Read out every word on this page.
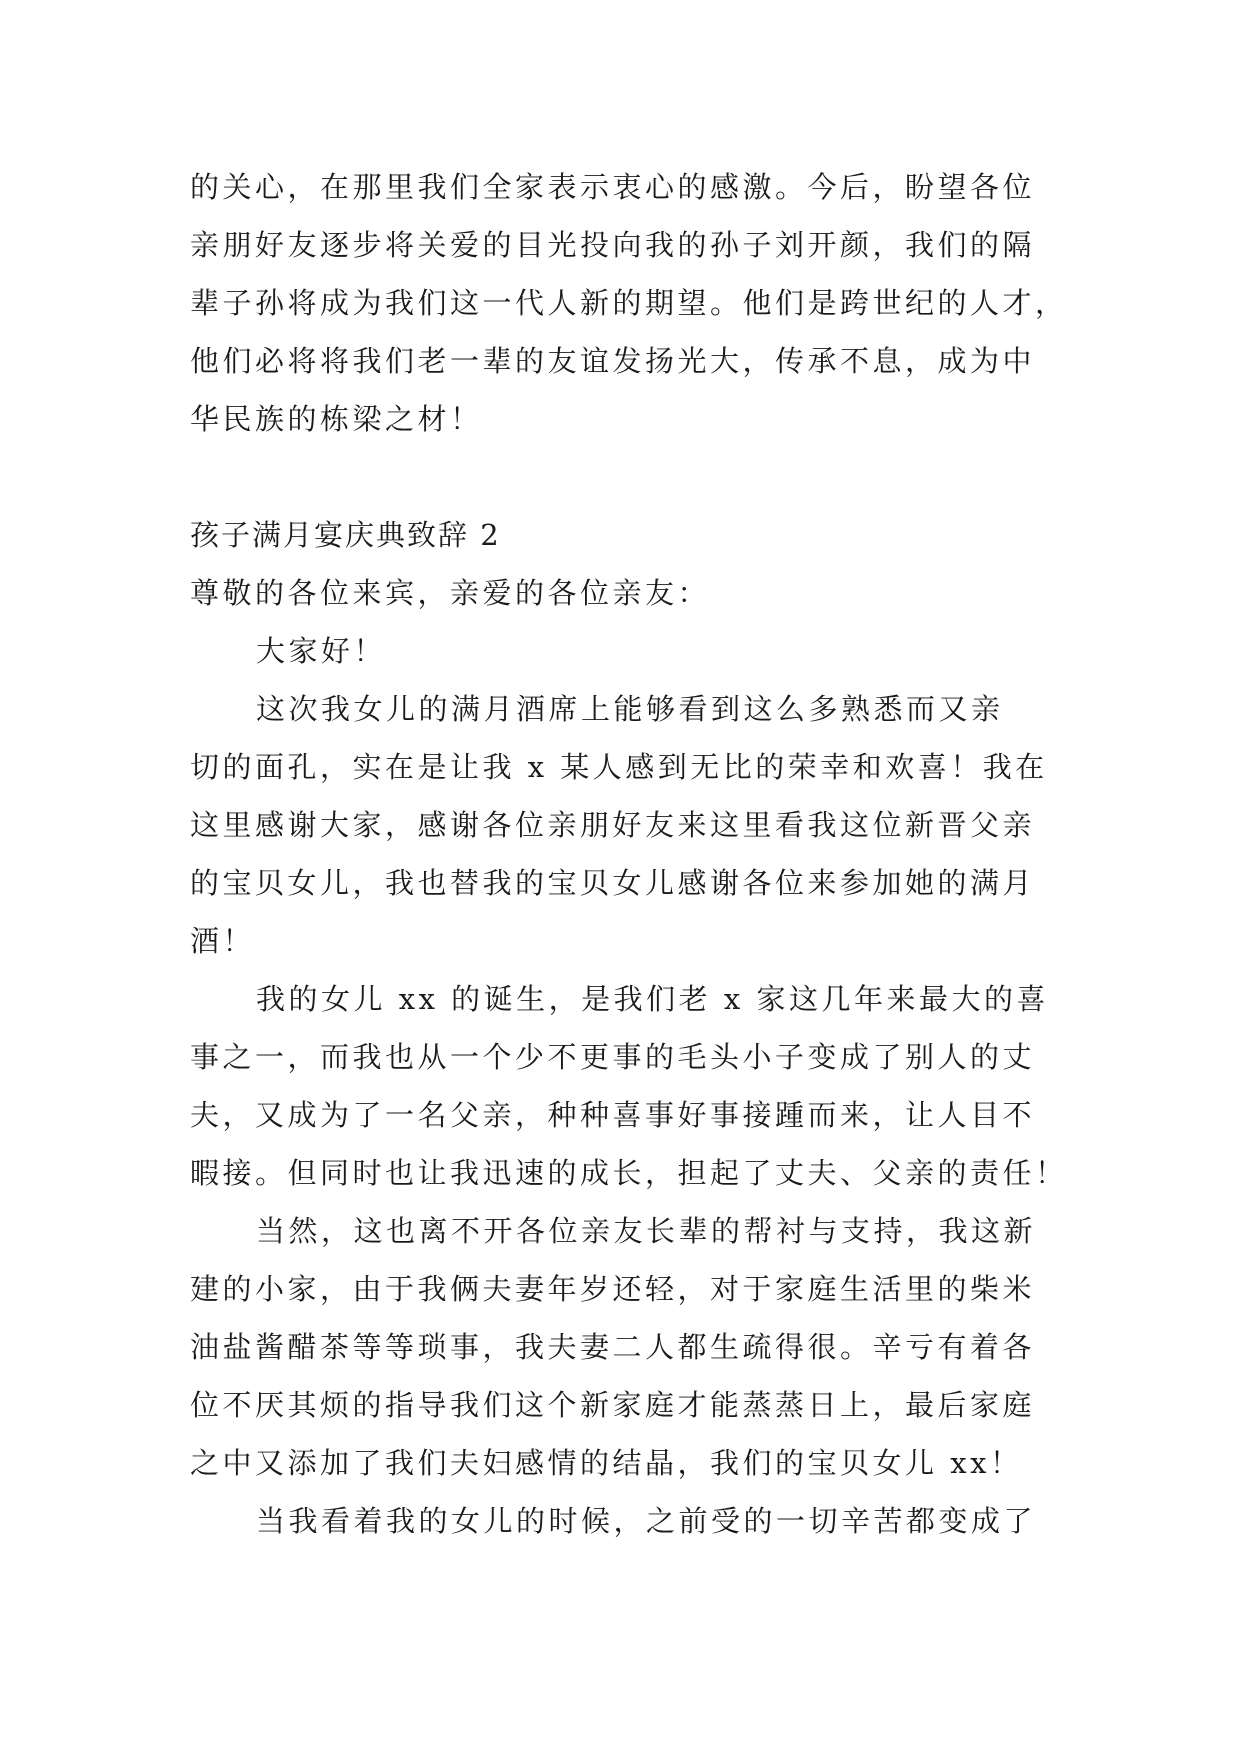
的关心，在那里我们全家表示衷心的感激。今后，盼望各位
亲朋好友逐步将关爱的目光投向我的孙子刘开颜，我们的隔
辈子孙将成为我们这一代人新的期望。他们是跨世纪的人才，
他们必将将我们老一辈的友谊发扬光大，传承不息，成为中
华民族的栋梁之材！
孩子满月宴庆典致辞 2
尊敬的各位来宾，亲爱的各位亲友：
大家好！
这次我女儿的满月酒席上能够看到这么多熟悉而又亲
切的面孔，实在是让我 x 某人感到无比的荣幸和欢喜！我在
这里感谢大家，感谢各位亲朋好友来这里看我这位新晋父亲
的宝贝女儿，我也替我的宝贝女儿感谢各位来参加她的满月
酒！
我的女儿 xx 的诞生，是我们老 x 家这几年来最大的喜
事之一，而我也从一个少不更事的毛头小子变成了别人的丈
夫，又成为了一名父亲，种种喜事好事接踵而来，让人目不
暇接。但同时也让我迅速的成长，担起了丈夫、父亲的责任！
当然，这也离不开各位亲友长辈的帮衬与支持，我这新
建的小家，由于我俩夫妻年岁还轻，对于家庭生活里的柴米
油盐酱醋茶等等琐事，我夫妻二人都生疏得很。辛亏有着各
位不厌其烦的指导我们这个新家庭才能蒸蒸日上，最后家庭
之中又添加了我们夫妇感情的结晶，我们的宝贝女儿 xx！
当我看着我的女儿的时候，之前受的一切辛苦都变成了
